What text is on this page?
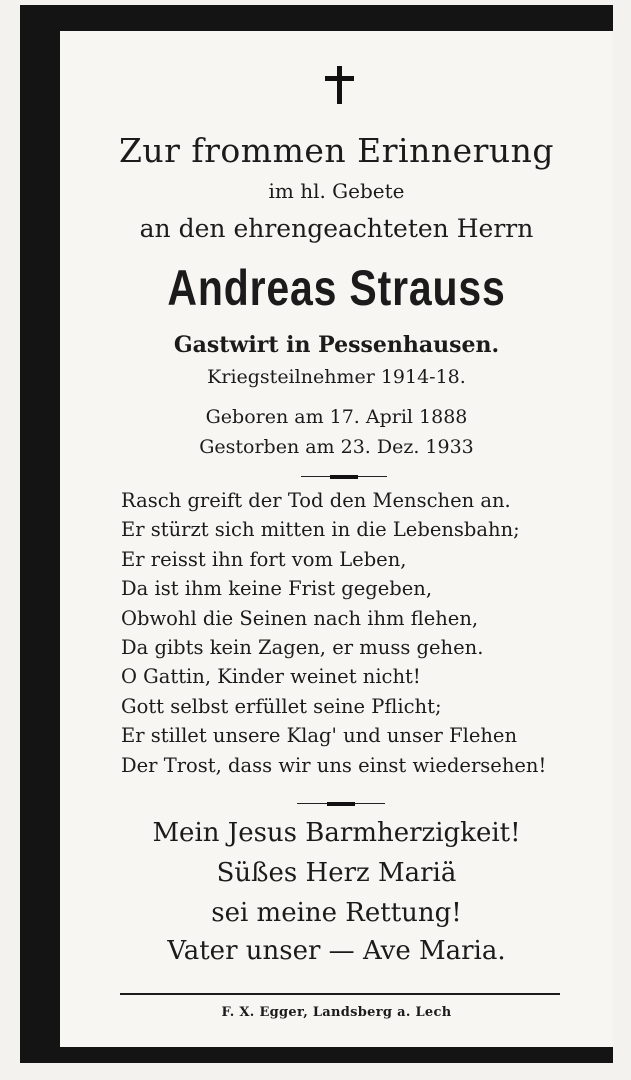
Zur frommen Erinnerung
im hl. Gebete
an den ehrengeachteten Herrn
Andreas Strauss
Gastwirt in Pessenhausen.
Kriegsteilnehmer 1914-18.
Geboren am 17. April 1888
Gestorben am 23. Dez. 1933
Rasch greift der Tod den Menschen an.
Er stürzt sich mitten in die Lebensbahn;
Er reisst ihn fort vom Leben,
Da ist ihm keine Frist gegeben,
Obwohl die Seinen nach ihm flehen,
Da gibts kein Zagen, er muss gehen.
O Gattin, Kinder weinet nicht!
Gott selbst erfüllet seine Pflicht;
Er stillet unsere Klag' und unser Flehen
Der Trost, dass wir uns einst wiedersehen!
Mein Jesus Barmherzigkeit!
Süßes Herz Mariä
sei meine Rettung!
Vater unser — Ave Maria.
F. X. Egger, Landsberg a. Lech
